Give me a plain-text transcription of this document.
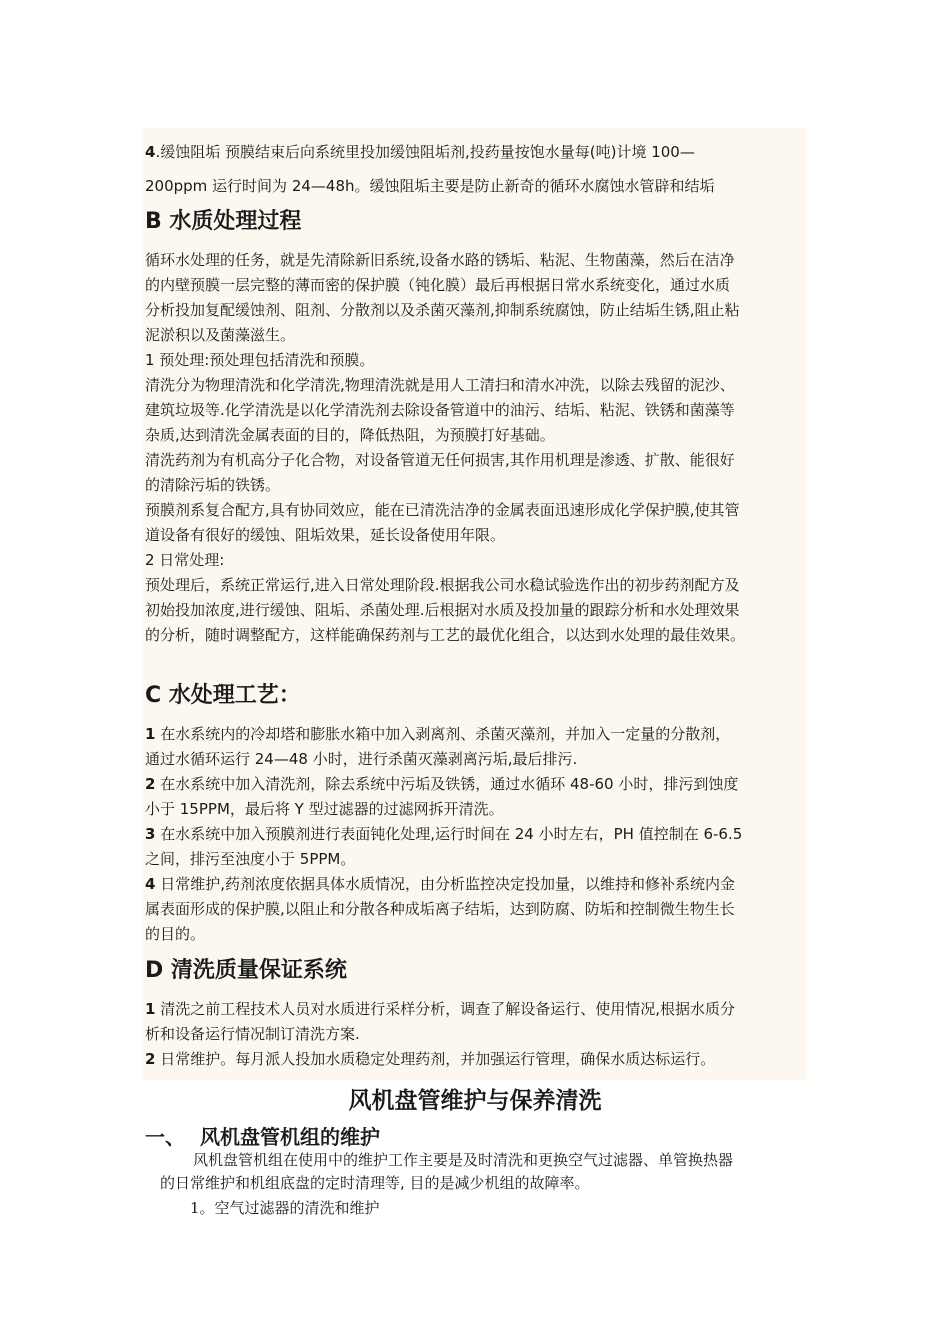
4.缓蚀阻垢 预膜结束后向系统里投加缓蚀阻垢剂,投药量按饱水量每(吨)计境 100—
200ppm 运行时间为 24—48h。缓蚀阻垢主要是防止新奇的循环水腐蚀水管辟和结垢
B 水质处理过程
循环水处理的任务，就是先清除新旧系统,设备水路的锈垢、粘泥、生物菌藻，然后在洁净
的内壁预膜一层完整的薄而密的保护膜（钝化膜）最后再根据日常水系统变化，通过水质
分析投加复配缓蚀剂、阻剂、分散剂以及杀菌灭藻剂,抑制系统腐蚀，防止结垢生锈,阻止粘
泥淤积以及菌藻滋生。
1 预处理:预处理包括清洗和预膜。
清洗分为物理清洗和化学清洗,物理清洗就是用人工清扫和清水冲洗，以除去残留的泥沙、
建筑垃圾等.化学清洗是以化学清洗剂去除设备管道中的油污、结垢、粘泥、铁锈和菌藻等
杂质,达到清洗金属表面的目的，降低热阻，为预膜打好基础。
清洗药剂为有机高分子化合物，对设备管道无任何损害,其作用机理是渗透、扩散、能很好
的清除污垢的铁锈。
预膜剂系复合配方,具有协同效应，能在已清洗洁净的金属表面迅速形成化学保护膜,使其管
道设备有很好的缓蚀、阻垢效果，延长设备使用年限。
2 日常处理:
预处理后，系统正常运行,进入日常处理阶段.根据我公司水稳试验选作出的初步药剂配方及
初始投加浓度,进行缓蚀、阻垢、杀菌处理.后根据对水质及投加量的跟踪分析和水处理效果
的分析，随时调整配方，这样能确保药剂与工艺的最优化组合，以达到水处理的最佳效果。
C 水处理工艺：
1 在水系统内的冷却塔和膨胀水箱中加入剥离剂、杀菌灭藻剂，并加入一定量的分散剂，
通过水循环运行 24—48 小时，进行杀菌灭藻剥离污垢,最后排污.
2 在水系统中加入清洗剂，除去系统中污垢及铁锈，通过水循环 48-60 小时，排污到蚀度
小于 15PPM，最后将 Y 型过滤器的过滤网拆开清洗。
3 在水系统中加入预膜剂进行表面钝化处理,运行时间在 24 小时左右，PH 值控制在 6-6.5
之间，排污至浊度小于 5PPM。
4 日常维护,药剂浓度依据具体水质情况，由分析监控决定投加量，以维持和修补系统内金
属表面形成的保护膜,以阻止和分散各种成垢离子结垢，达到防腐、防垢和控制微生物生长
的目的。
D 清洗质量保证系统
1 清洗之前工程技术人员对水质进行采样分析，调查了解设备运行、使用情况,根据水质分
析和设备运行情况制订清洗方案.
2 日常维护。每月派人投加水质稳定处理药剂，并加强运行管理，确保水质达标运行。
风机盘管维护与保养清洗
一、 风机盘管机组的维护
风机盘管机组在使用中的维护工作主要是及时清洗和更换空气过滤器、单管换热器
的日常维护和机组底盘的定时清理等, 目的是减少机组的故障率。
1。空气过滤器的清洗和维护
